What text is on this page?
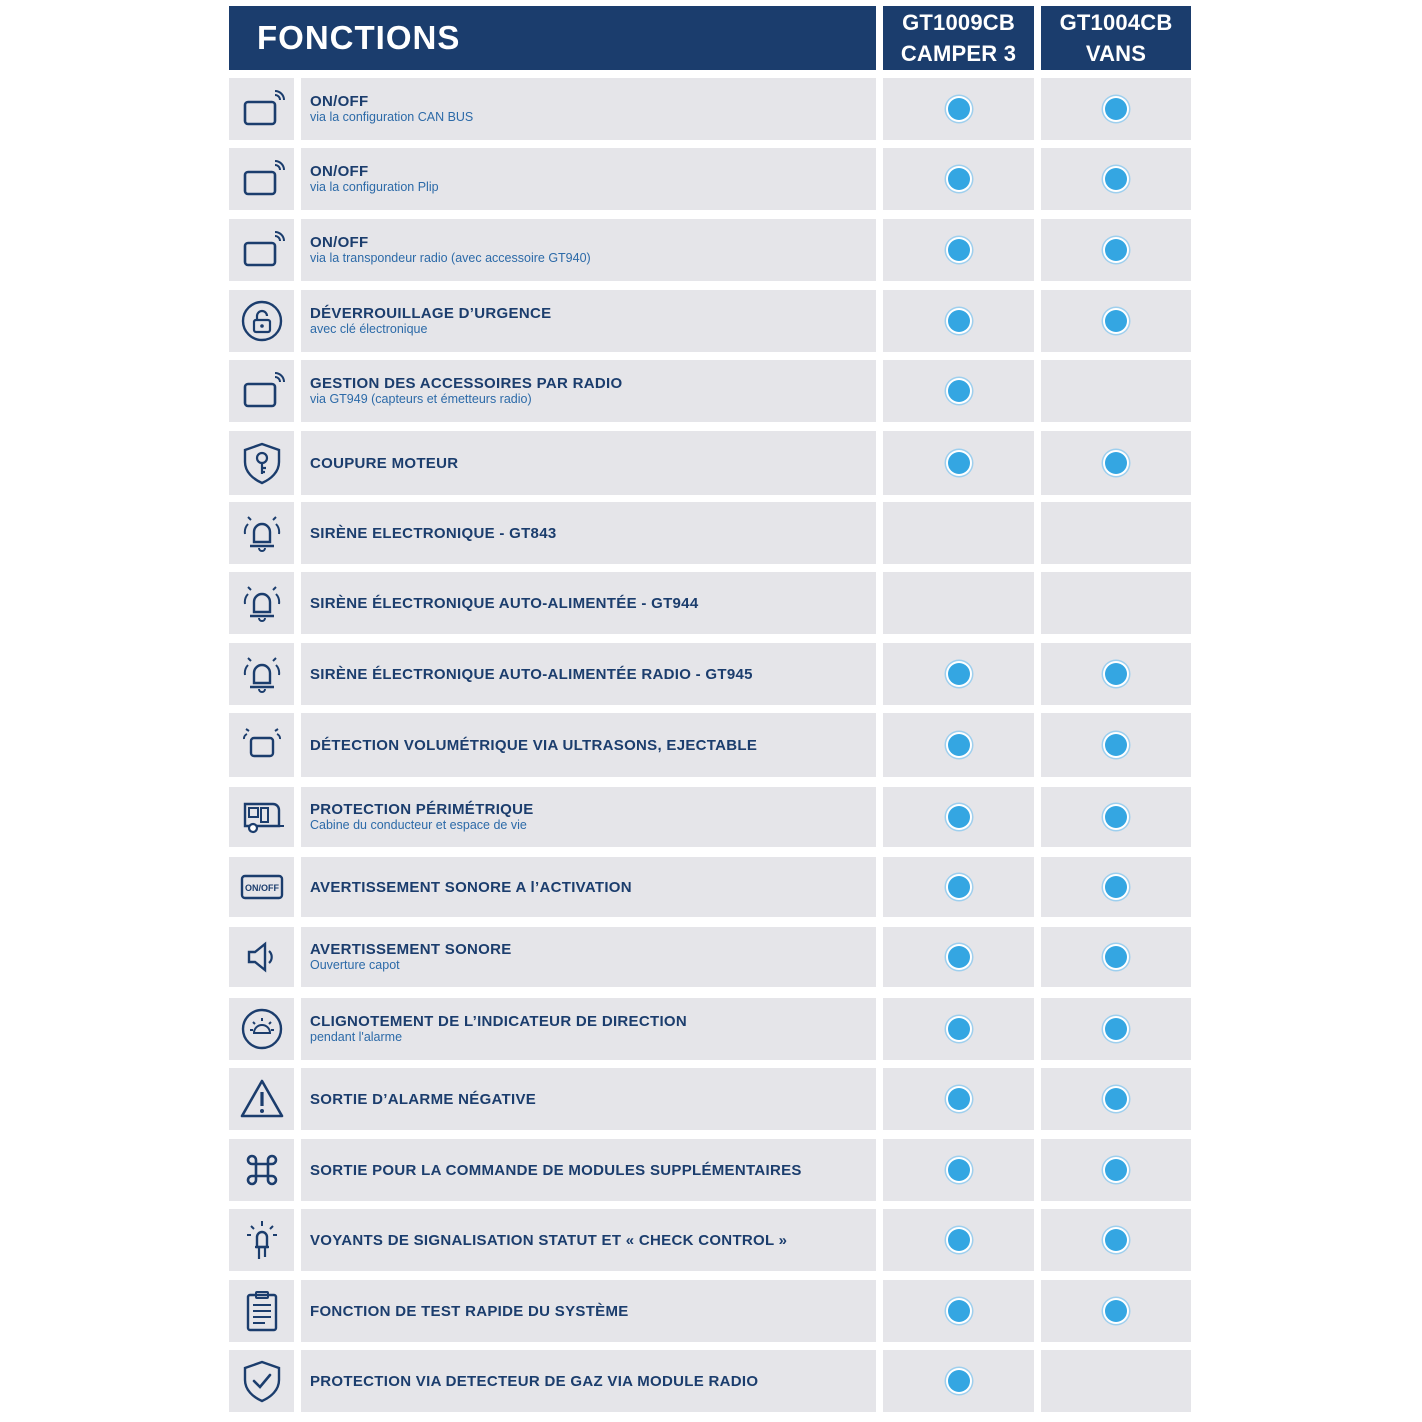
FONCTIONS	GT1009CB
CAMPER 3
GT1004CB
VANS
ON/OFF
via la configuration CAN BUS
ON/OFF
via la configuration Plip
ON/OFF
via la transpondeur radio (avec accessoire GT940)
DÉVERROUILLAGE D’URGENCE
avec clé électronique
GESTION DES ACCESSOIRES PAR RADIO
via GT949 (capteurs et émetteurs radio)
COUPURE MOTEUR
SIRÈNE ELECTRONIQUE - GT843
SIRÈNE ÉLECTRONIQUE AUTO-ALIMENTÉE - GT944
SIRÈNE ÉLECTRONIQUE AUTO-ALIMENTÉE RADIO - GT945
DÉTECTION VOLUMÉTRIQUE VIA ULTRASONS, EJECTABLE
PROTECTION PÉRIMÉTRIQUE
Cabine du conducteur et espace de vie
ON/OFF AVERTISSEMENT SONORE A l’ACTIVATION
AVERTISSEMENT SONORE
Ouverture capot
CLIGNOTEMENT DE L’INDICATEUR DE DIRECTION
pendant l'alarme
SORTIE D’ALARME NÉGATIVE
SORTIE POUR LA COMMANDE DE MODULES SUPPLÉMENTAIRES
VOYANTS DE SIGNALISATION STATUT ET « CHECK CONTROL »
FONCTION DE TEST RAPIDE DU SYSTÈME
PROTECTION VIA DETECTEUR DE GAZ VIA MODULE RADIO
